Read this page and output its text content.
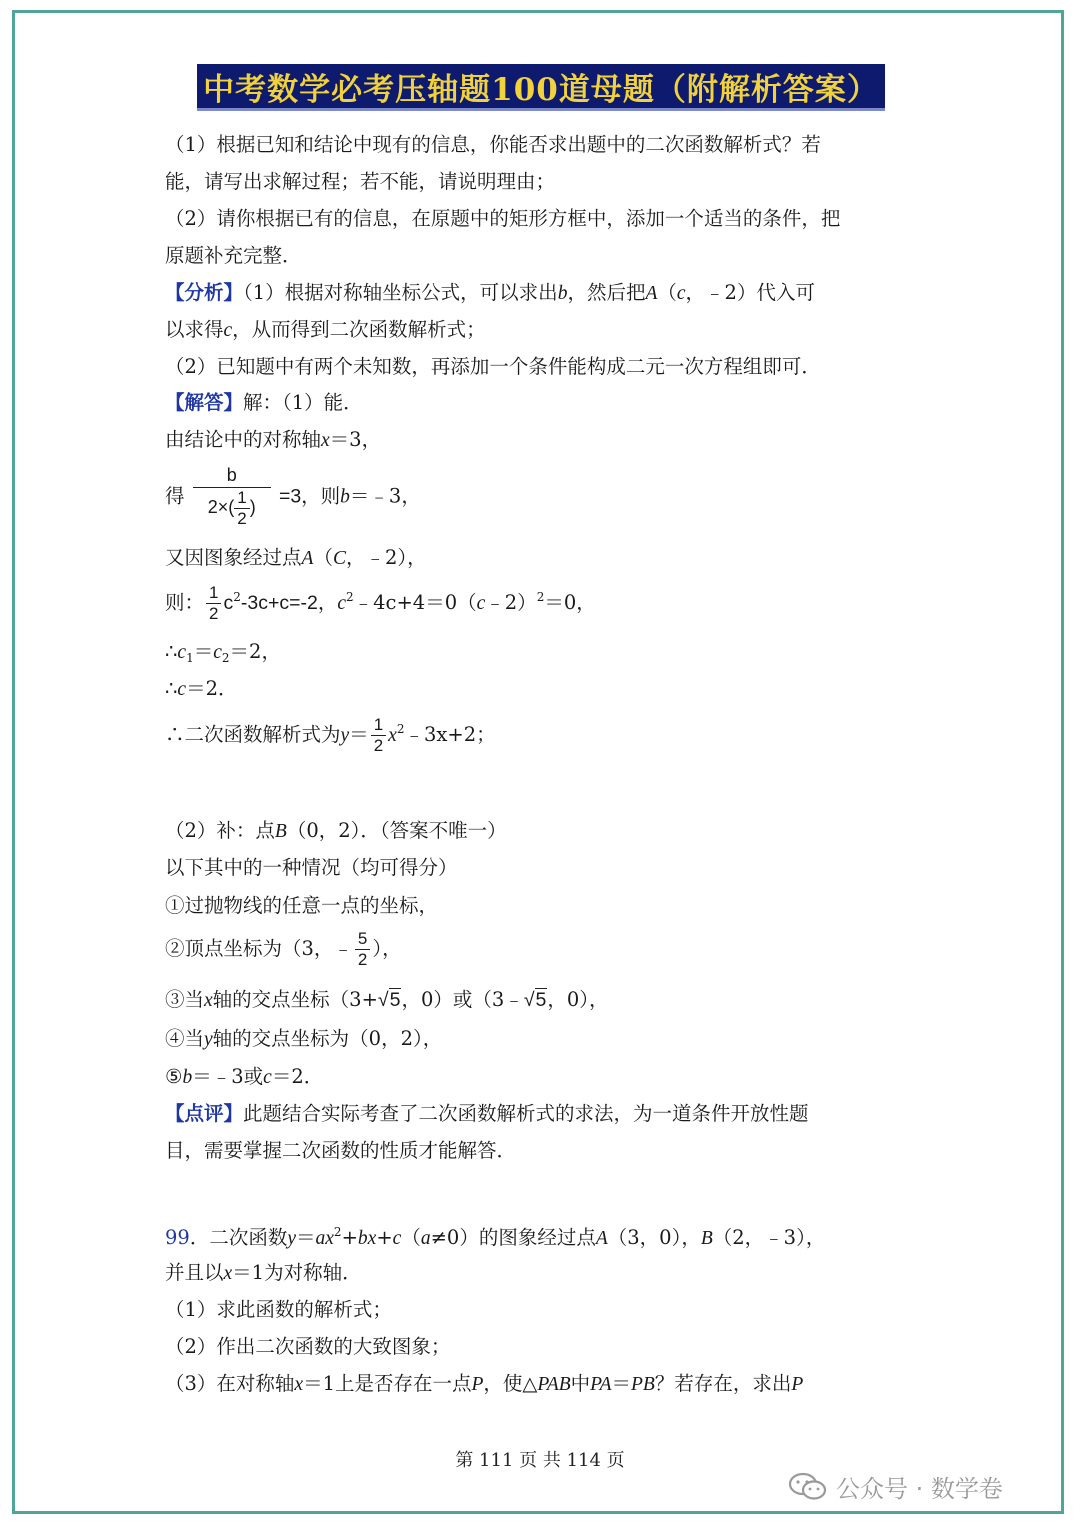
中考数学必考压轴题100道母题（附解析答案）
（1）根据已知和结论中现有的信息，你能否求出题中的二次函数解析式？若
能，请写出求解过程；若不能，请说明理由；
（2）请你根据已有的信息，在原题中的矩形方框中，添加一个适当的条件，把
原题补充完整．
【分析】（1）根据对称轴坐标公式，可以求出b，然后把A（c，﹣2）代入可
以求得c，从而得到二次函数解析式；
（2）已知题中有两个未知数，再添加一个条件能构成二元一次方程组即可．
【解答】解：（1）能．
由结论中的对称轴x＝3，
得 $\frac{b}{2\times( \frac{1}{2} )} =3$，则b＝﹣3，
又因图象经过点A（C，﹣2），
则： $\frac{1}{2} c^2-3c+c=-2$，$c^2﹣4c+4=0(c﹣2)^2=0$，
$\therefore c_1=c_2=2$，
∴c＝2．
∴二次函数解析式为$y= \frac{1}{2}$ $x^2﹣3x+2$；
（2）补：点B（0，2）．（答案不唯一）
以下其中的一种情况（均可得分）
①过抛物线的任意一点的坐标，
②顶点坐标为（3，﹣ $\frac{5}{2}$ ），
③当x轴的交点坐标（3+√5，0）或（3﹣√5，0），
④当y轴的交点坐标为（0，2），
⑤b＝﹣3或c＝2．
【点评】此题结合实际考查了二次函数解析式的求法，为一道条件开放性题
目，需要掌握二次函数的性质才能解答．
99．二次函数$y=ax^2+bx+c(a\ne 0)$的图象经过点A（3，0），B（2，﹣3），
并且以x＝1为对称轴．
（1）求此函数的解析式；
（2）作出二次函数的大致图象；
（3）在对称轴x＝1上是否存在一点P，使△PAB中PA＝PB？若存在，求出P
第 111 页 共 114 页
公众号 · 数学卷
